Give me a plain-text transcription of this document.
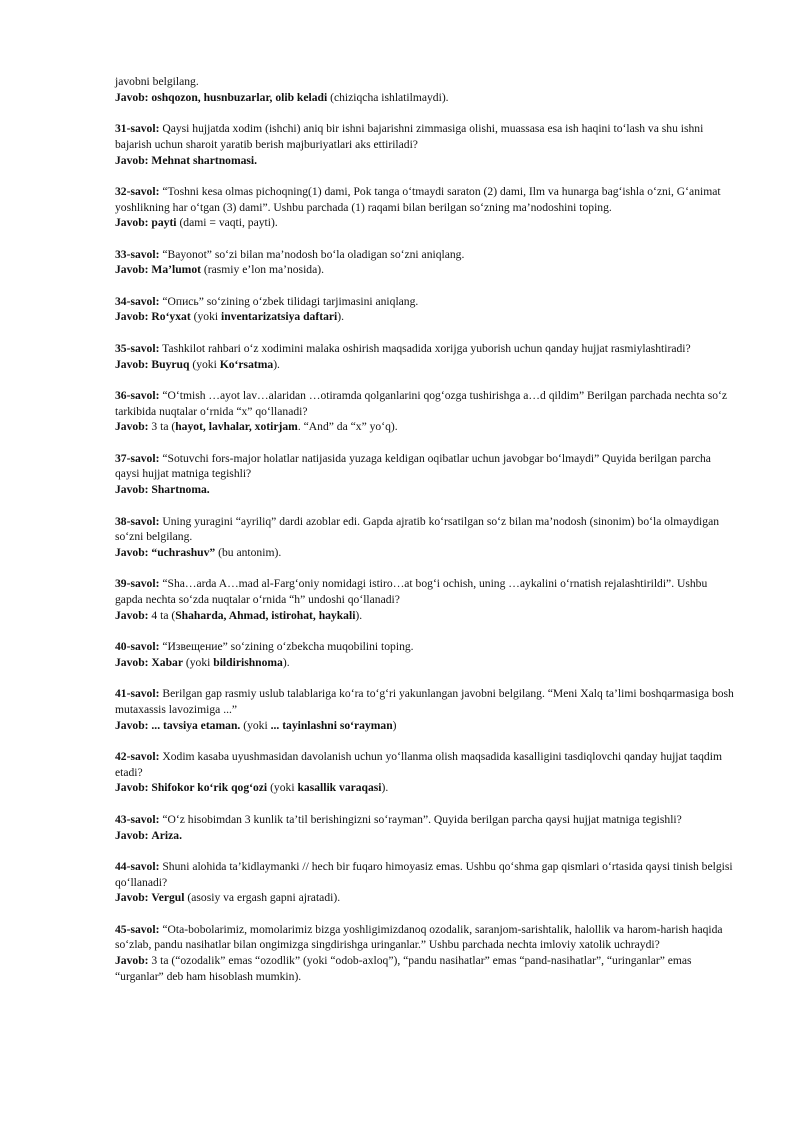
javobni belgilang.
Javob: oshqozon, husnbuzarlar, olib keladi (chiziqcha ishlatilmaydi).

31-savol: Qaysi hujjatda xodim (ishchi) aniq bir ishni bajarishni zimmasiga olishi, muassasa esa ish haqini to‘lash va shu ishni bajarish uchun sharoit yaratib berish majburiyatlari aks ettiriladi?
Javob: Mehnat shartnomasi.

32-savol: “Toshni kesa olmas pichoqning(1) dami, Pok tanga o‘tmaydi saraton (2) dami, Ilm va hunarga bag‘ishla o‘zni, G‘animat yoshlikning har o‘tgan (3) dami”. Ushbu parchada (1) raqami bilan berilgan so‘zning ma’nodoshini toping.
Javob: payti (dami = vaqti, payti).

33-savol: “Bayonot” so‘zi bilan ma’nodosh bo‘la oladigan so‘zni aniqlang.
Javob: Ma’lumot (rasmiy e’lon ma’nosida).

34-savol: “Опись” so‘zining o‘zbek tilidagi tarjimasini aniqlang.
Javob: Ro‘yxat (yoki inventarizatsiya daftari).

35-savol: Tashkilot rahbari o‘z xodimini malaka oshirish maqsadida xorijga yuborish uchun qanday hujjat rasmiylashtiradi?
Javob: Buyruq (yoki Ko‘rsatma).

36-savol: “O‘tmish …ayot lav…alaridan …otiramda qolganlarini qog‘ozga tushirishga a…d qildim” Berilgan parchada nechta so‘z tarkibida nuqtalar o‘rnida “x” qo‘llanadi?
Javob: 3 ta (hayot, lavhalar, xotirjam. “And” da “x” yo‘q).

37-savol: “Sotuvchi fors-major holatlar natijasida yuzaga keldigan oqibatlar uchun javobgar bo‘lmaydi” Quyida berilgan parcha qaysi hujjat matniga tegishli?
Javob: Shartnoma.

38-savol: Uning yuragini “ayriliq” dardi azoblar edi. Gapda ajratib ko‘rsatilgan so‘z bilan ma’nodosh (sinonim) bo‘la olmaydigan so‘zni belgilang.
Javob: “uchrashuv” (bu antonim).

39-savol: “Sha…arda A…mad al-Farg‘oniy nomidagi istiro…at bog‘i ochish, uning …aykalini o‘rnatish rejalashtirildi”. Ushbu gapda nechta so‘zda nuqtalar o‘rnida “h” undoshi qo‘llanadi?
Javob: 4 ta (Shaharda, Ahmad, istirohat, haykali).

40-savol: “Извещение” so‘zining o‘zbekcha muqobilini toping.
Javob: Xabar (yoki bildirishnoma).

41-savol: Berilgan gap rasmiy uslub talablariga ko‘ra to‘g‘ri yakunlangan javobni belgilang. “Meni Xalq ta’limi boshqarmasiga bosh mutaxassis lavozimiga ...”
Javob: ... tavsiya etaman. (yoki ... tayinlashni so‘rayman)

42-savol: Xodim kasaba uyushmasidan davolanish uchun yo‘llanma olish maqsadida kasalligini tasdiqlovchi qanday hujjat taqdim etadi?
Javob: Shifokor ko‘rik qog‘ozi (yoki kasallik varaqasi).

43-savol: “O‘z hisobimdan 3 kunlik ta’til berishingizni so‘rayman”. Quyida berilgan parcha qaysi hujjat matniga tegishli?
Javob: Ariza.

44-savol: Shuni alohida ta’kidlaymanki // hech bir fuqaro himoyasiz emas. Ushbu qo‘shma gap qismlari o‘rtasida qaysi tinish belgisi qo‘llanadi?
Javob: Vergul (asosiy va ergash gapni ajratadi).

45-savol: “Ota-bobolarimiz, momolarimiz bizga yoshligimizdanoq ozodalik, saranjom-sarishtalik, halollik va harom-harish haqida so‘zlab, pandu nasihatlar bilan ongimizga singdirishga uringanlar.” Ushbu parchada nechta imloviy xatolik uchraydi?
Javob: 3 ta (“ozodalik” emas “ozodlik” (yoki “odob-axloq”), “pandu nasihatlar” emas “pand-nasihatlar”, “uringanlar” emas “urganlar” deb ham hisoblash mumkin).
